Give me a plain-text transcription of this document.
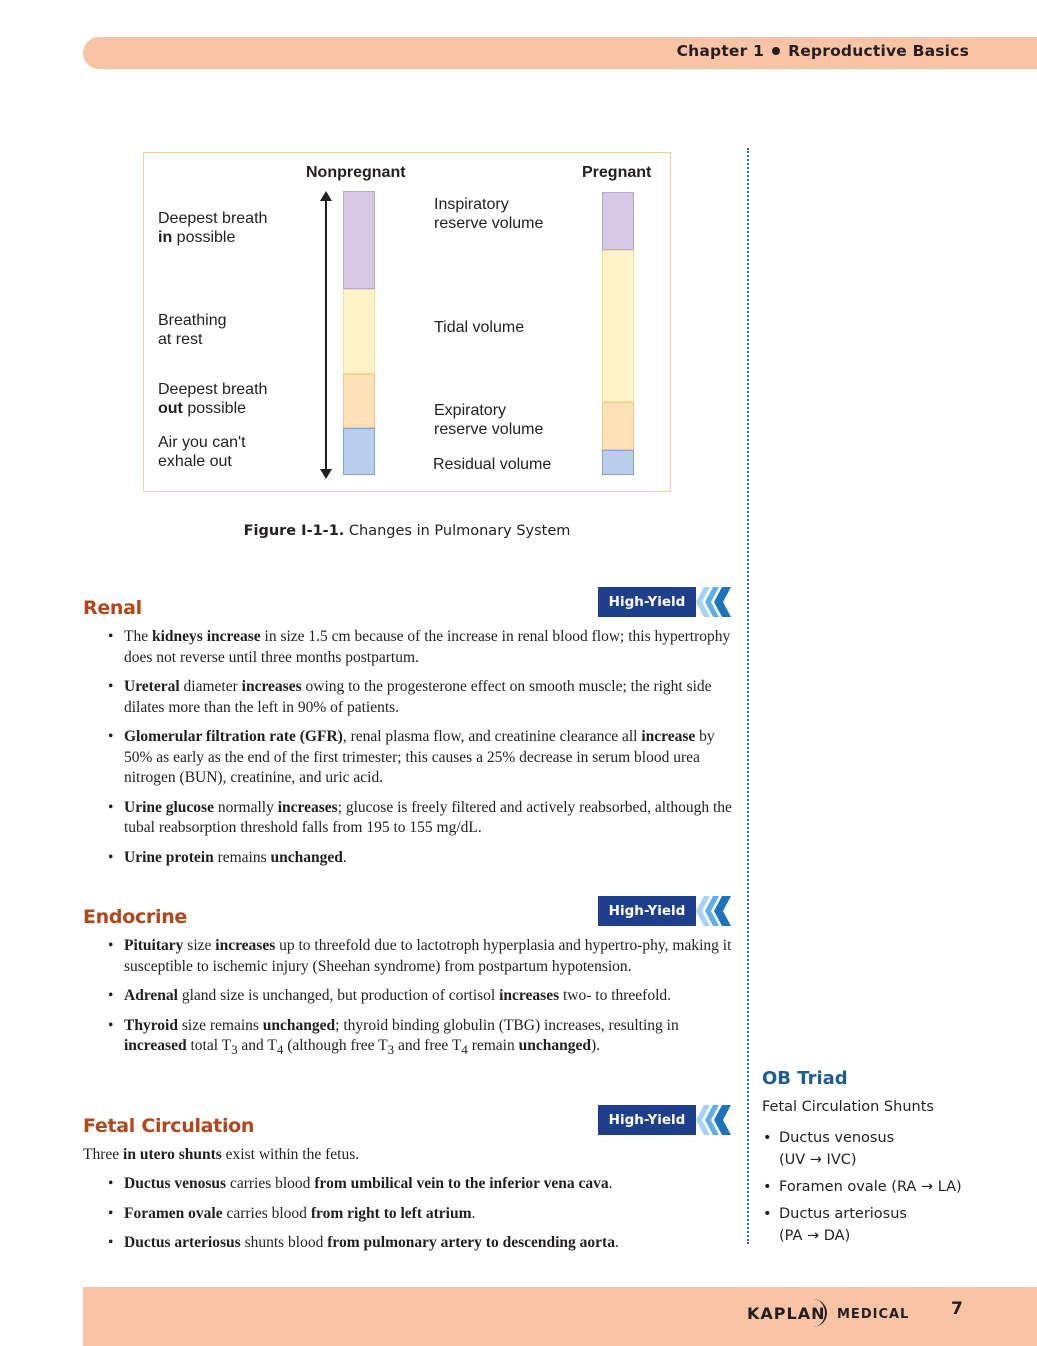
Chapter 1 Reproductive Basics
Nonpregnant	Pregnant
Deepest breath
in possible
Breathing
at rest
Deepest breath
out possible
Air you can't
exhale out
Inspiratory
reserve volume
Tidal volume
Expiratory
reserve volume
Residual volume
Figure I-1-1. Changes in Pulmonary System
Renal	High-Yield
• The kidneys increase in size 1.5 cm because of the increase in renal blood flow; this hypertrophy does not reverse until three months postpartum.
• Ureteral diameter increases owing to the progesterone effect on smooth muscle; the right side dilates more than the left in 90% of patients.
• Glomerular filtration rate (GFR), renal plasma flow, and creatinine clearance all increase by 50% as early as the end of the first trimester; this causes a 25% decrease in serum blood urea nitrogen (BUN), creatinine, and uric acid.
• Urine glucose normally increases; glucose is freely filtered and actively reabsorbed, although the tubal reabsorption threshold falls from 195 to 155 mg/dL.
• Urine protein remains unchanged.
Endocrine	High-Yield
• Pituitary size increases up to threefold due to lactotroph hyperplasia and hypertro-phy, making it susceptible to ischemic injury (Sheehan syndrome) from postpartum hypotension.
• Adrenal gland size is unchanged, but production of cortisol increases two- to threefold.
• Thyroid size remains unchanged; thyroid binding globulin (TBG) increases, resulting in increased total $T_3$ and $T_4$ (although free $T_3$ and free $T_4$ remain unchanged).
Fetal Circulation	High-Yield
Three in utero shunts exist within the fetus.
• Ductus venosus carries blood from umbilical vein to the inferior vena cava.
• Foramen ovale carries blood from right to left atrium.
• Ductus arteriosus shunts blood from pulmonary artery to descending aorta.
OB Triad
Fetal Circulation Shunts
• Ductus venosus
(UV → IVC)
• Foramen ovale (RA → LA)
• Ductus arteriosus
(PA → DA)
KAPLAN MEDICAL 7
